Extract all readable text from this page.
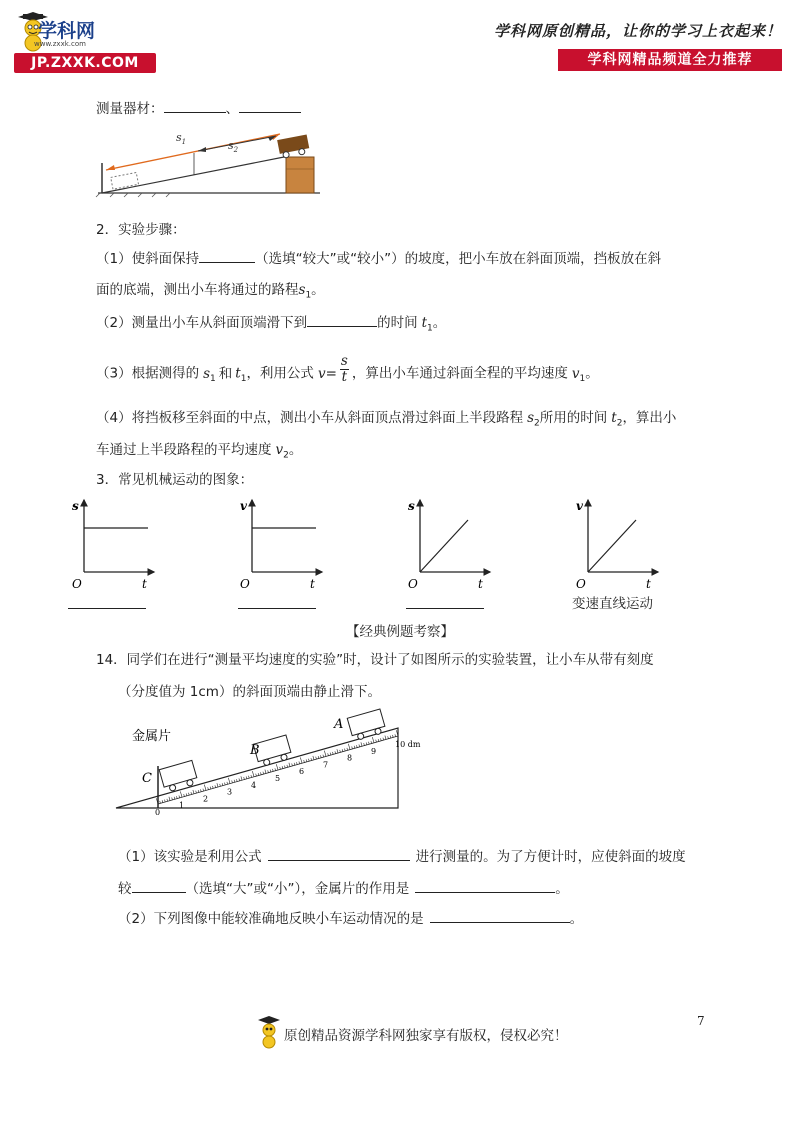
学科网
www.zxxk.com
JP.ZXXK.COM
学科网原创精品，让你的学习上衣起来！
学科网精品频道全力推荐
测量器材：	、
$s_1$	$s_2$
2．实验步骤：
（1）使斜面保持	（选填“较大”或“较小”）的坡度，把小车放在斜面顶端，挡板放在斜
面的底端，测出小车将通过的路程$s_1$。
（2）测量出小车从斜面顶端滑下到	的时间 $t_1$。
（3）根据测得的 $s_1$ 和 $t_1$，利用公式 $v= \frac{s}{t}$ ，算出小车通过斜面全程的平均速度 $v_1$。
（4）将挡板移至斜面的中点，测出小车从斜面顶点滑过斜面上半段路程 $s_2$所用的时间 $t_2$，算出小
车通过上半段路程的平均速度 $v_2$。
3．常见机械运动的图象：
s
t
O
v
t
O
s
t
O
v
t
O
变速直线运动
【经典例题考察】
14．同学们在进行“测量平均速度的实验”时，设计了如图所示的实验装置，让小车从带有刻度
（分度值为 1cm）的斜面顶端由静止滑下。
金属片
C
B
A
0
1
2
3
4
5
6
7
8
9
10 dm
（1）该实验是利用公式	进行测量的。为了方便计时，应使斜面的坡度
较	（选填“大”或“小”），金属片的作用是	。
（2）下列图像中能较准确地反映小车运动情况的是	。
7
原创精品资源学科网独家享有版权，侵权必究！
